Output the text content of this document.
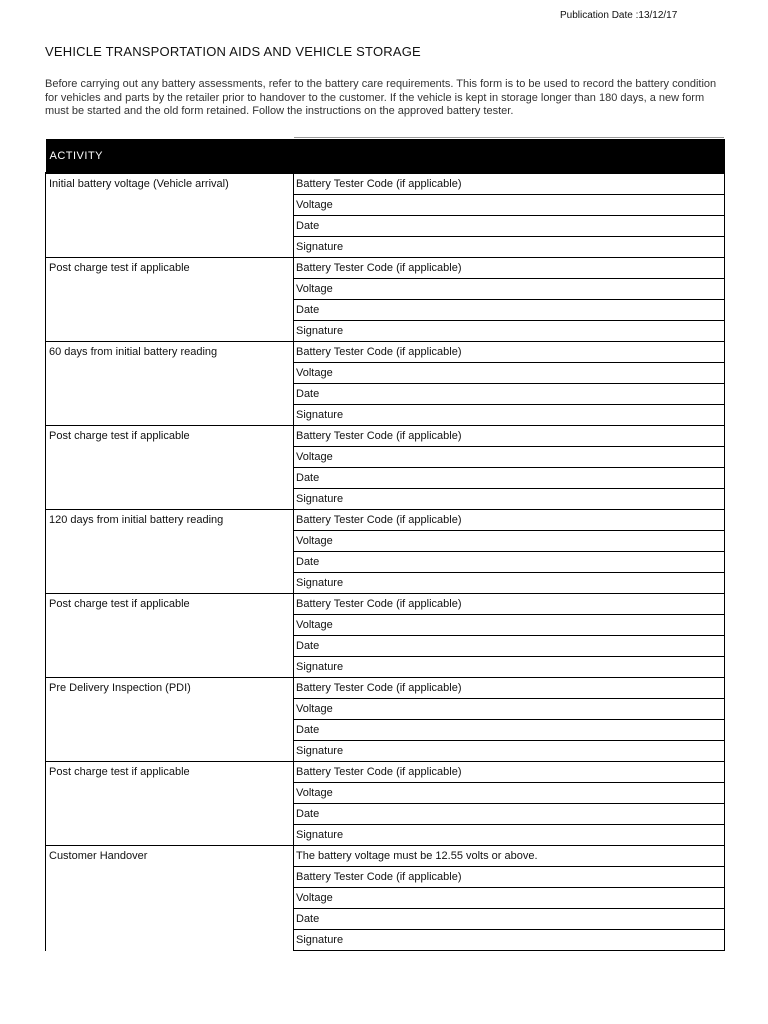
Publication Date :13/12/17
VEHICLE TRANSPORTATION AIDS AND VEHICLE STORAGE
Before carrying out any battery assessments, refer to the battery care requirements. This form is to be used to record the battery condition for vehicles and parts by the retailer prior to handover to the customer. If the vehicle is kept in storage longer than 180 days, a new form must be started and the old form retained. Follow the instructions on the approved battery tester.
ACTIVITY	
Initial battery voltage (Vehicle arrival)	Battery Tester Code (if applicable)
	Voltage
	Date
	Signature
Post charge test if applicable	Battery Tester Code (if applicable)
	Voltage
	Date
	Signature
60 days from initial battery reading	Battery Tester Code (if applicable)
	Voltage
	Date
	Signature
Post charge test if applicable	Battery Tester Code (if applicable)
	Voltage
	Date
	Signature
120 days from initial battery reading	Battery Tester Code (if applicable)
	Voltage
	Date
	Signature
Post charge test if applicable	Battery Tester Code (if applicable)
	Voltage
	Date
	Signature
Pre Delivery Inspection (PDI)	Battery Tester Code (if applicable)
	Voltage
	Date
	Signature
Post charge test if applicable	Battery Tester Code (if applicable)
	Voltage
	Date
	Signature
Customer Handover	The battery voltage must be 12.55 volts or above.
	Battery Tester Code (if applicable)
	Voltage
	Date
	Signature
